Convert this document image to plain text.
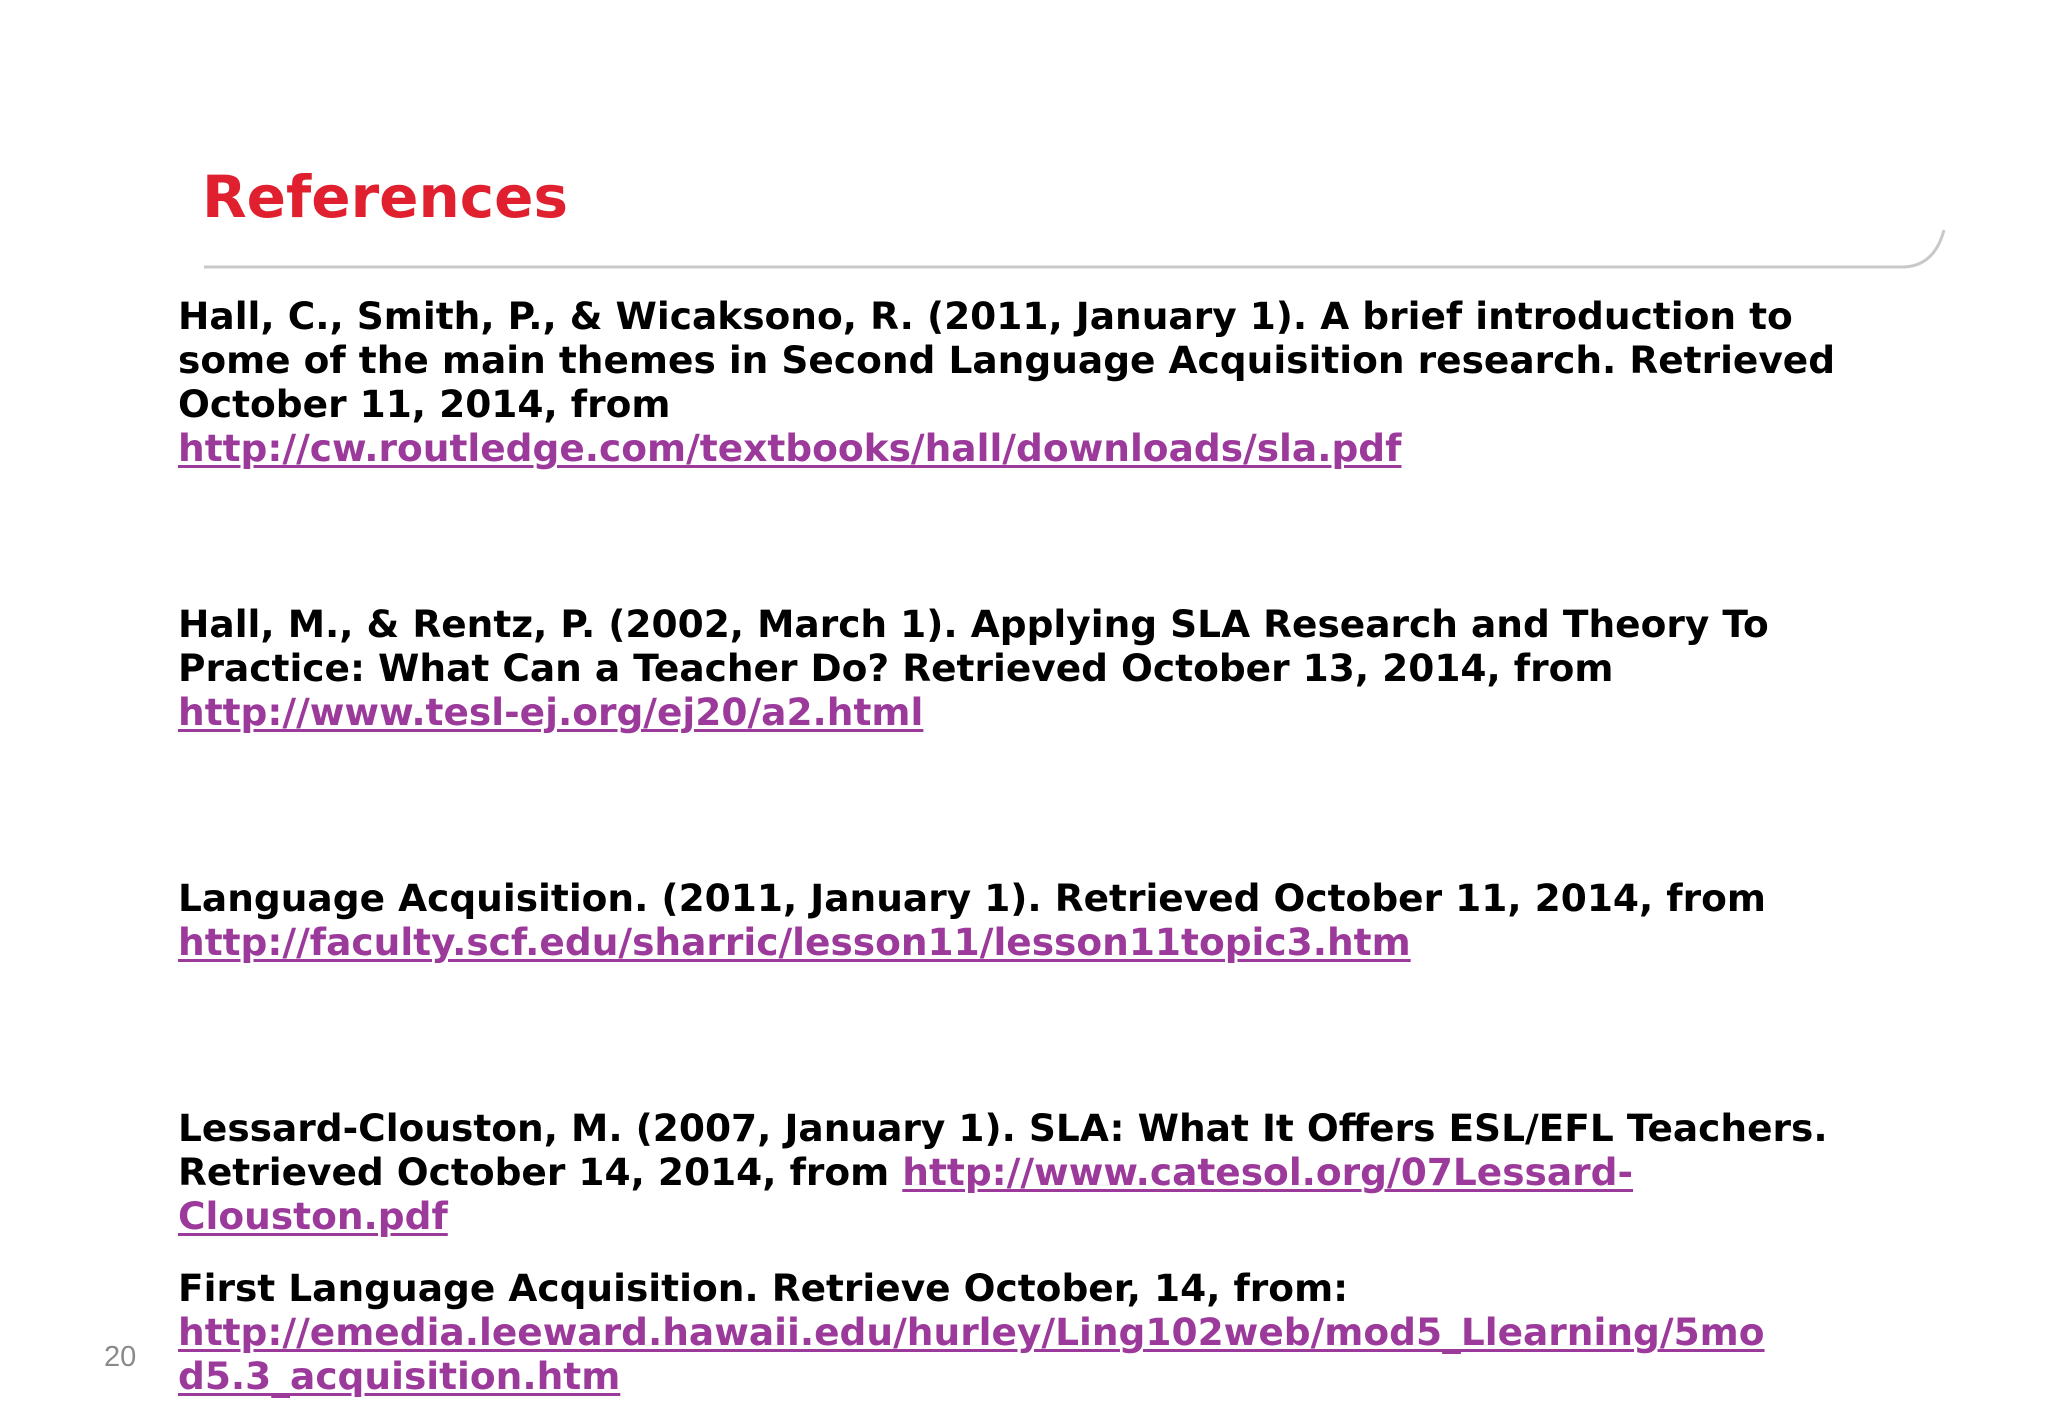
References

Hall, C., Smith, P., & Wicaksono, R. (2011, January 1). A brief introduction to some of the main themes in Second Language Acquisition research. Retrieved October 11, 2014, from
http://cw.routledge.com/textbooks/hall/downloads/sla.pdf

Hall, M., & Rentz, P. (2002, March 1). Applying SLA Research and Theory To Practice: What Can a Teacher Do? Retrieved October 13, 2014, from
http://www.tesl-ej.org/ej20/a2.html

Language Acquisition. (2011, January 1). Retrieved October 11, 2014, from
http://faculty.scf.edu/sharric/lesson11/lesson11topic3.htm

Lessard-Clouston, M. (2007, January 1). SLA: What It Offers ESL/EFL Teachers. Retrieved October 14, 2014, from http://www.catesol.org/07Lessard-
Clouston.pdf

First Language Acquisition. Retrieve October, 14, from:
http://emedia.leeward.hawaii.edu/hurley/Ling102web/mod5_Llearning/5mo
d5.3_acquisition.htm

20
